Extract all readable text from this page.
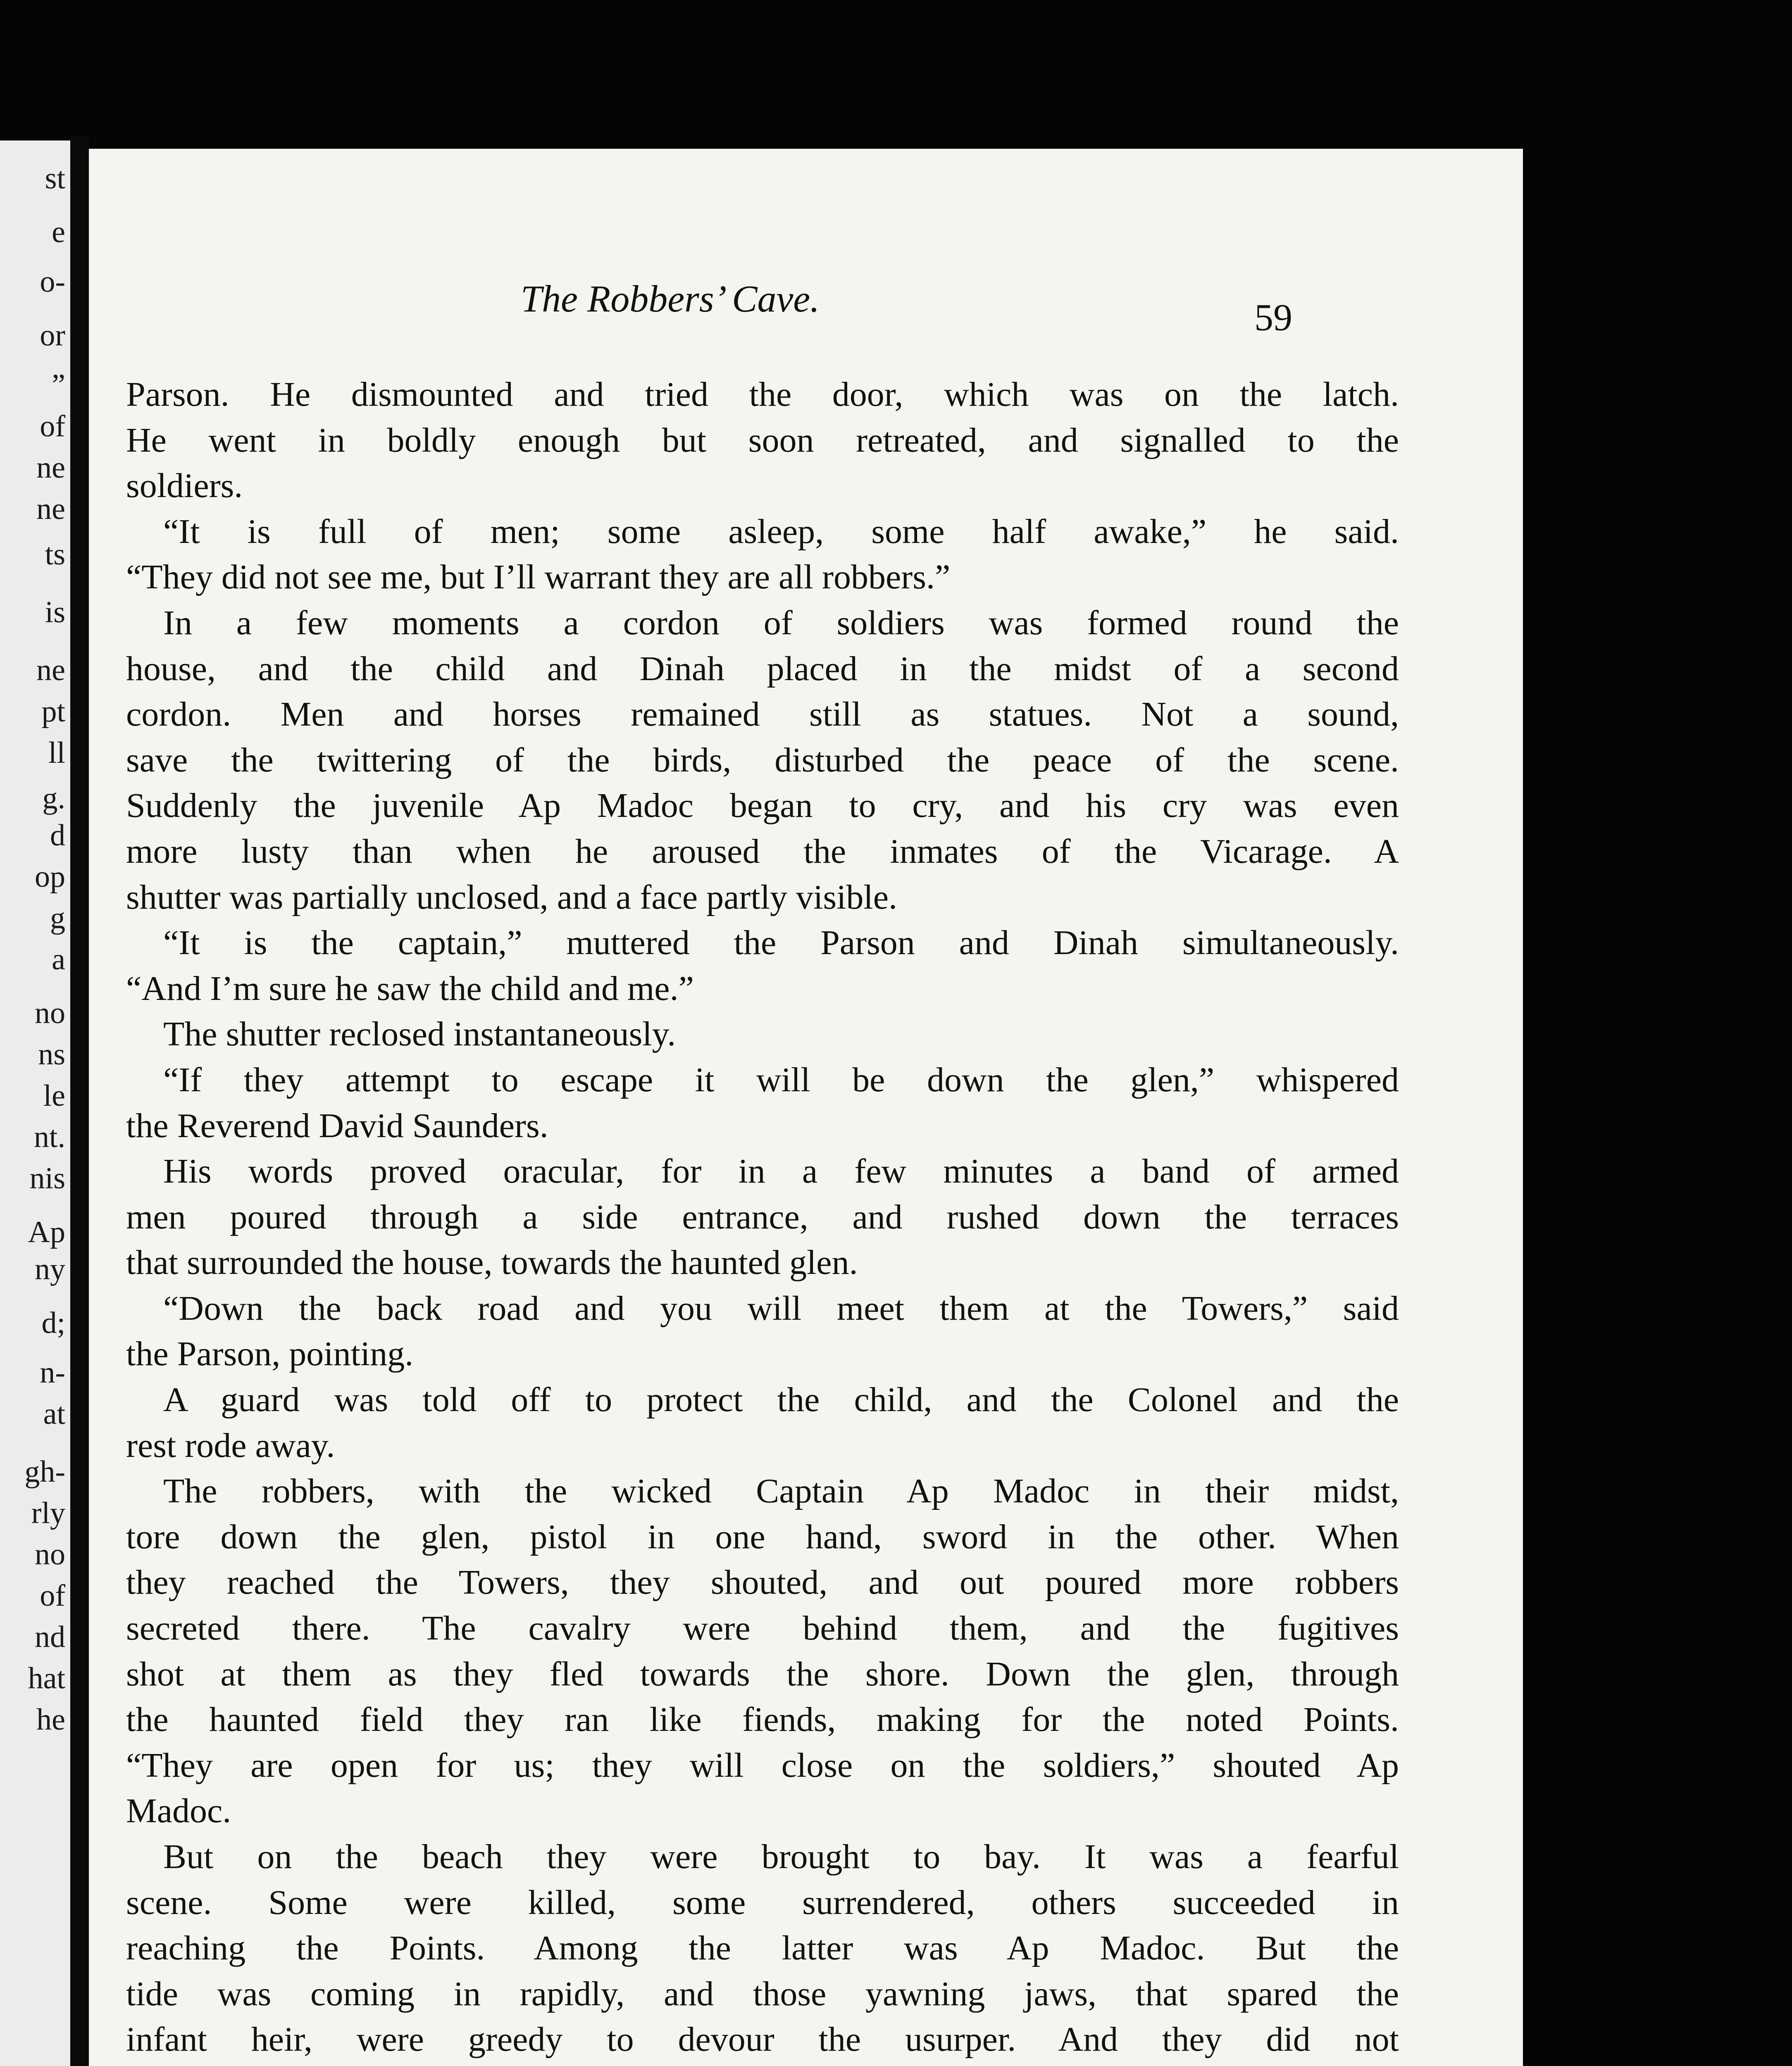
st
e
o-
or
”
of
ne
ne
ts
is
ne
pt
ll
g.
d
op
g
a
no
ns
le
nt.
nis
Ap
ny
d;
n-
at
gh-
rly
no
of
nd
hat
he
The Robbers’ Cave.	59
Parson. He dismounted and tried the door, which was on the latch.
He went in boldly enough but soon retreated, and signalled to the
soldiers.
“It is full of men; some asleep, some half awake,” he said.
“They did not see me, but I’ll warrant they are all robbers.”
In a few moments a cordon of soldiers was formed round the
house, and the child and Dinah placed in the midst of a second
cordon. Men and horses remained still as statues. Not a sound,
save the twittering of the birds, disturbed the peace of the scene.
Suddenly the juvenile Ap Madoc began to cry, and his cry was even
more lusty than when he aroused the inmates of the Vicarage. A
shutter was partially unclosed, and a face partly visible.
“It is the captain,” muttered the Parson and Dinah simultaneously.
“And I’m sure he saw the child and me.”
The shutter reclosed instantaneously.
“If they attempt to escape it will be down the glen,” whispered
the Reverend David Saunders.
His words proved oracular, for in a few minutes a band of armed
men poured through a side entrance, and rushed down the terraces
that surrounded the house, towards the haunted glen.
“Down the back road and you will meet them at the Towers,” said
the Parson, pointing.
A guard was told off to protect the child, and the Colonel and the
rest rode away.
The robbers, with the wicked Captain Ap Madoc in their midst,
tore down the glen, pistol in one hand, sword in the other. When
they reached the Towers, they shouted, and out poured more robbers
secreted there. The cavalry were behind them, and the fugitives
shot at them as they fled towards the shore. Down the glen, through
the haunted field they ran like fiends, making for the noted Points.
“They are open for us; they will close on the soldiers,” shouted Ap
Madoc.
But on the beach they were brought to bay. It was a fearful
scene. Some were killed, some surrendered, others succeeded in
reaching the Points. Among the latter was Ap Madoc. But the
tide was coming in rapidly, and those yawning jaws, that spared the
infant heir, were greedy to devour the usurper. And they did not
